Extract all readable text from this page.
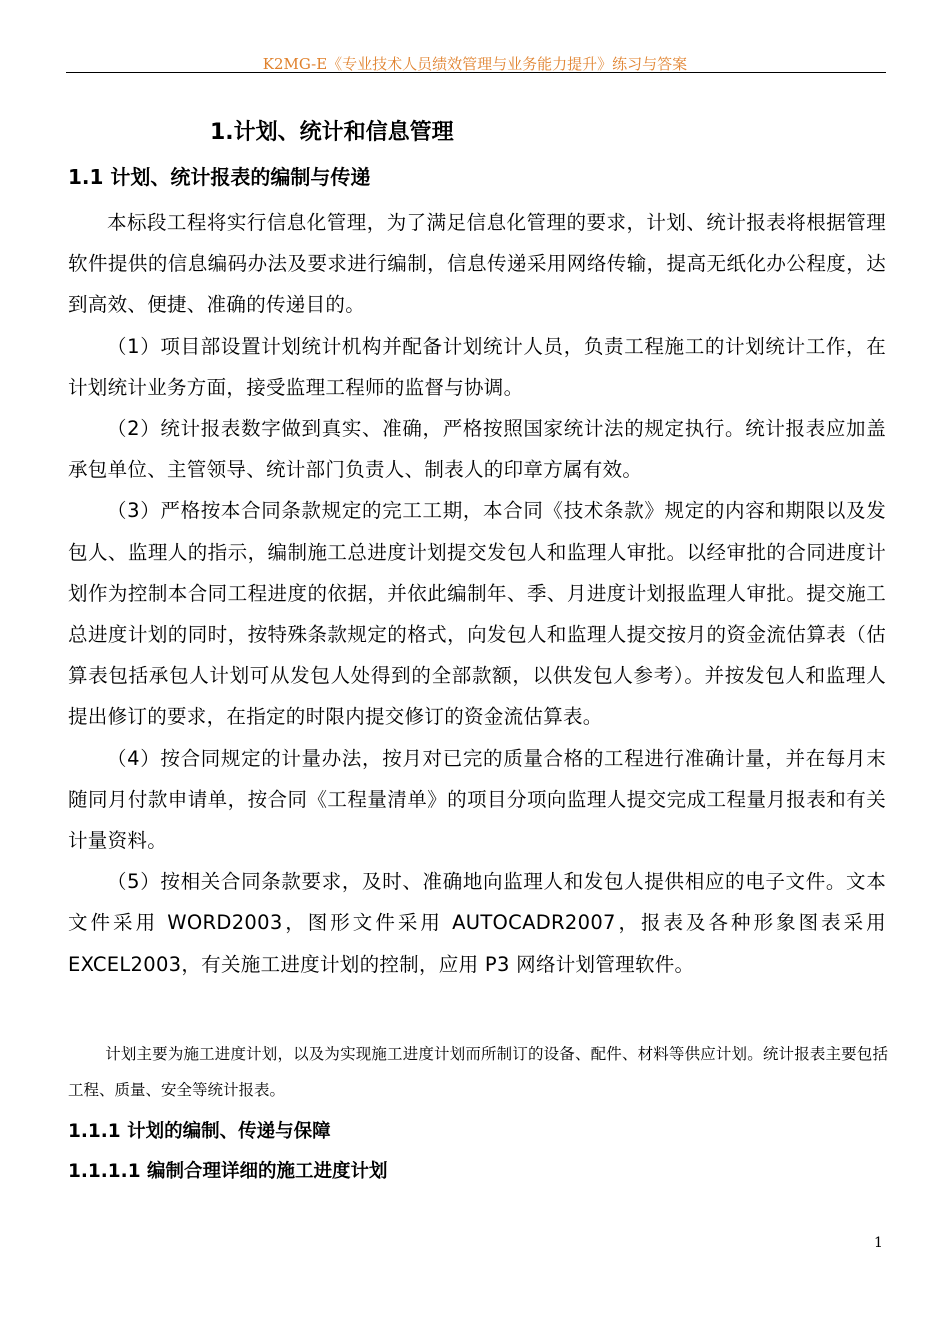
K2MG-E《专业技术人员绩效管理与业务能力提升》练习与答案
1.计划、统计和信息管理
1.1 计划、统计报表的编制与传递

本标段工程将实行信息化管理，为了满足信息化管理的要求，计划、统计报表将根据管理软件提供的信息编码办法及要求进行编制，信息传递采用网络传输，提高无纸化办公程度，达到高效、便捷、准确的传递目的。

（1）项目部设置计划统计机构并配备计划统计人员，负责工程施工的计划统计工作，在计划统计业务方面，接受监理工程师的监督与协调。

（2）统计报表数字做到真实、准确，严格按照国家统计法的规定执行。统计报表应加盖承包单位、主管领导、统计部门负责人、制表人的印章方属有效。

（3）严格按本合同条款规定的完工工期，本合同《技术条款》规定的内容和期限以及发包人、监理人的指示，编制施工总进度计划提交发包人和监理人审批。以经审批的合同进度计划作为控制本合同工程进度的依据，并依此编制年、季、月进度计划报监理人审批。提交施工总进度计划的同时，按特殊条款规定的格式，向发包人和监理人提交按月的资金流估算表（估算表包括承包人计划可从发包人处得到的全部款额，以供发包人参考）。并按发包人和监理人提出修订的要求，在指定的时限内提交修订的资金流估算表。

（4）按合同规定的计量办法，按月对已完的质量合格的工程进行准确计量，并在每月末随同月付款申请单，按合同《工程量清单》的项目分项向监理人提交完成工程量月报表和有关计量资料。

（5）按相关合同条款要求，及时、准确地向监理人和发包人提供相应的电子文件。文本文件采用 WORD2003，图形文件采用 AUTOCADR2007，报表及各种形象图表采用 EXCEL2003，有关施工进度计划的控制，应用 P3 网络计划管理软件。

计划主要为施工进度计划，以及为实现施工进度计划而所制订的设备、配件、材料等供应计划。统计报表主要包括工程、质量、安全等统计报表。

1.1.1 计划的编制、传递与保障
1.1.1.1 编制合理详细的施工进度计划
1
